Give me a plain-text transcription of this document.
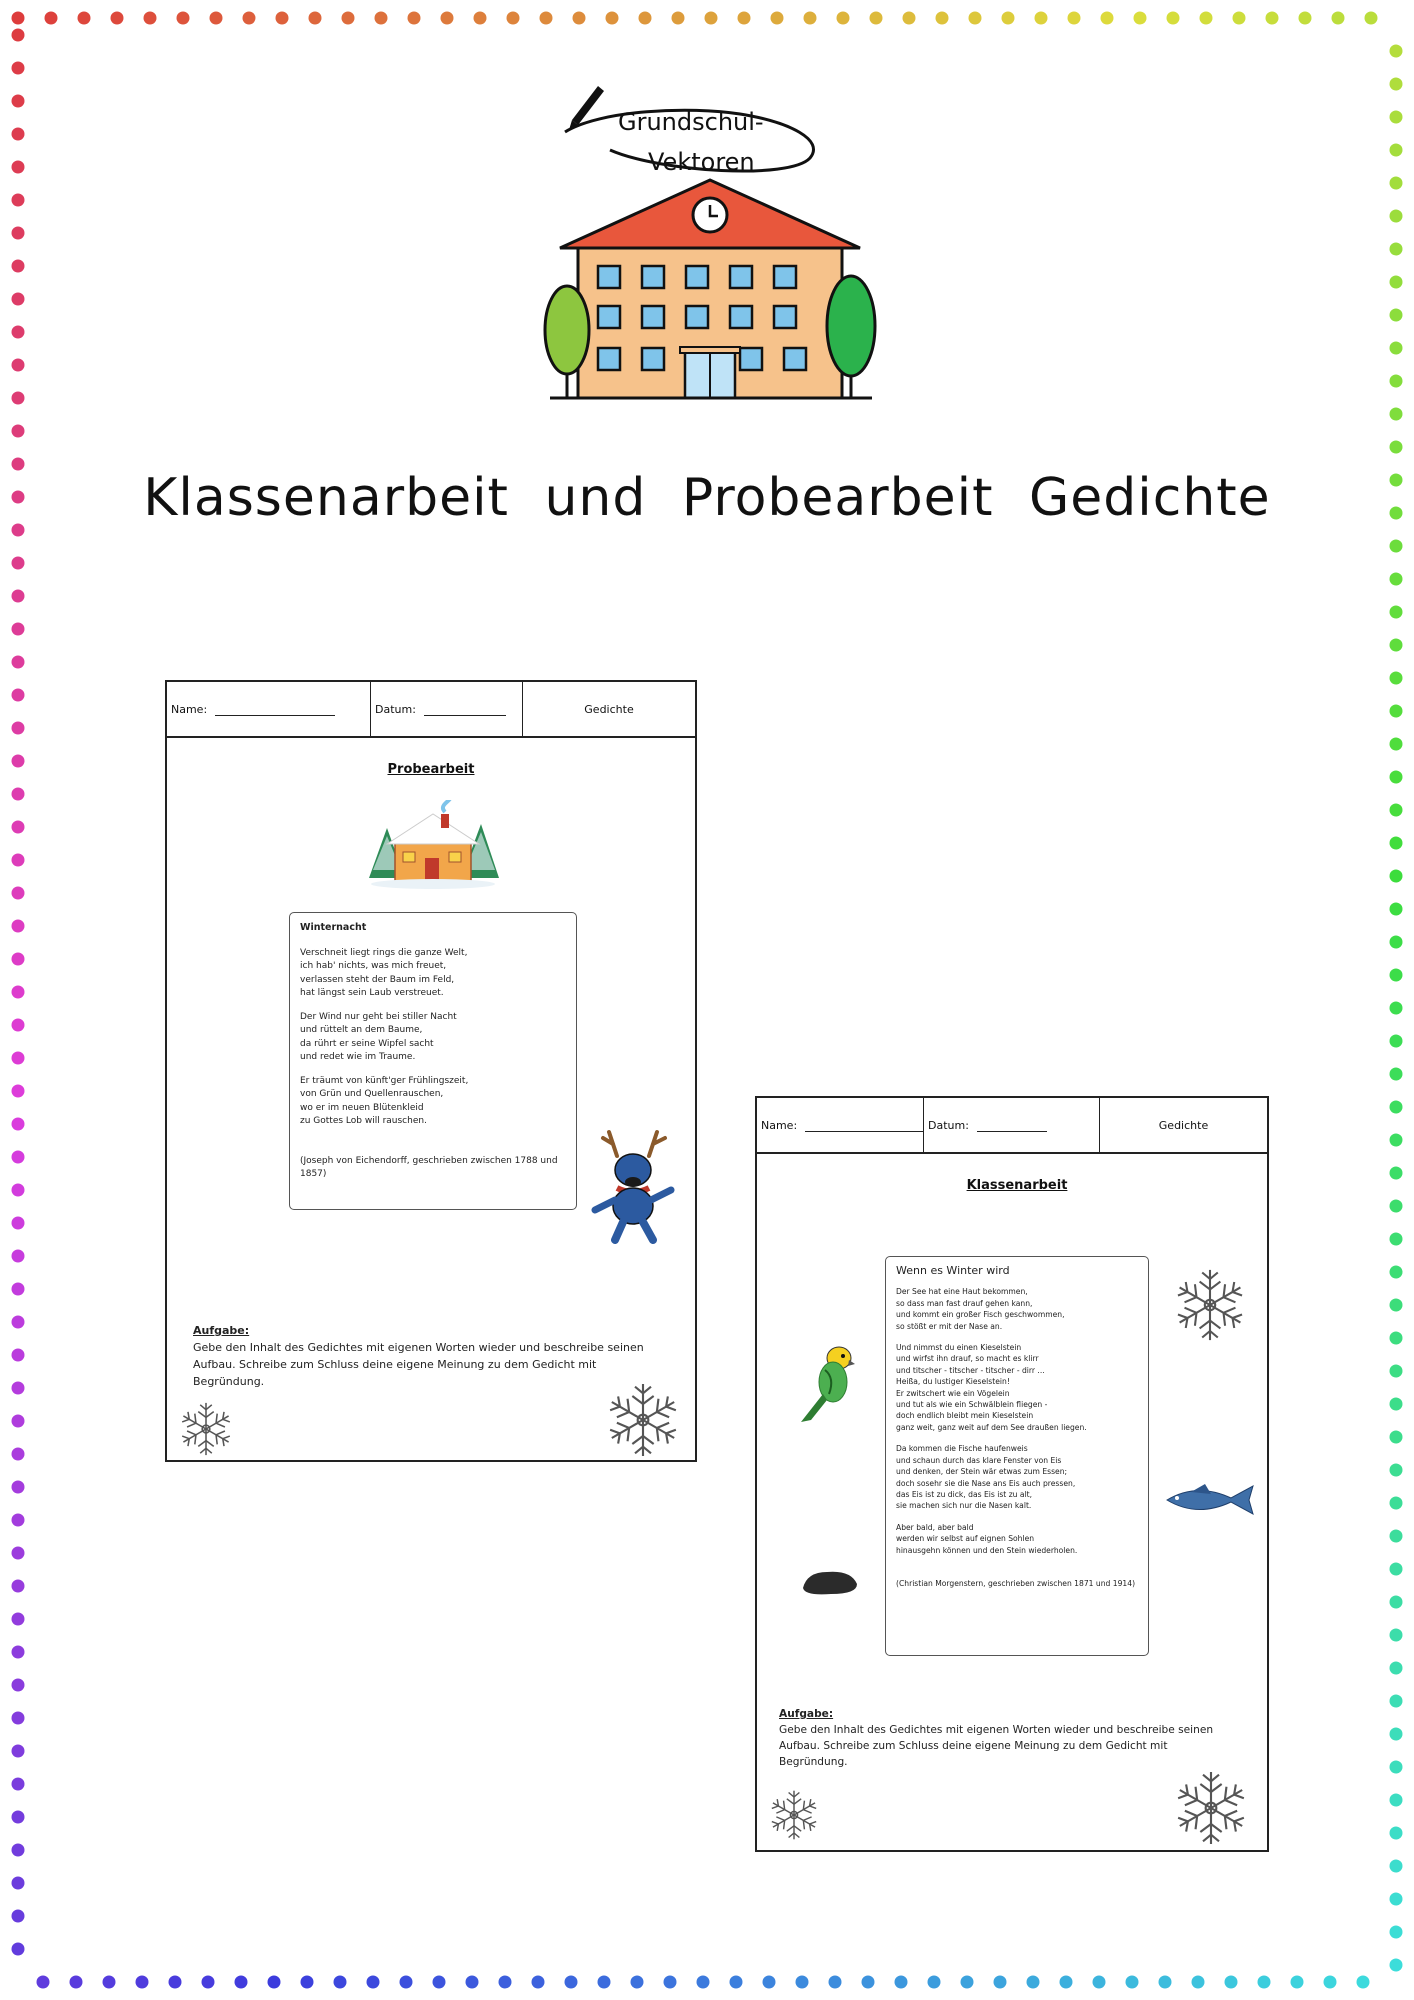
Grundschul-
Vektoren
Klassenarbeit und Probearbeit Gedichte
Name:	Datum:	Gedichte
Probearbeit
Winternacht
Verschneit liegt rings die ganze Welt,
ich hab' nichts, was mich freuet,
verlassen steht der Baum im Feld,
hat längst sein Laub verstreuet.
Der Wind nur geht bei stiller Nacht
und rüttelt an dem Baume,
da rührt er seine Wipfel sacht
und redet wie im Traume.
Er träumt von künft'ger Frühlingszeit,
von Grün und Quellenrauschen,
wo er im neuen Blütenkleid
zu Gottes Lob will rauschen.
(Joseph von Eichendorff, geschrieben zwischen 1788 und 1857)
Aufgabe:
Gebe den Inhalt des Gedichtes mit eigenen Worten wieder und beschreibe seinen Aufbau. Schreibe zum Schluss deine eigene Meinung zu dem Gedicht mit Begründung.
Name:	Datum:	Gedichte
Klassenarbeit
Wenn es Winter wird
Der See hat eine Haut bekommen,
so dass man fast drauf gehen kann,
und kommt ein großer Fisch geschwommen,
so stößt er mit der Nase an.
Und nimmst du einen Kieselstein
und wirfst ihn drauf, so macht es klirr
und titscher - titscher - titscher - dirr ...
Heißa, du lustiger Kieselstein!
Er zwitschert wie ein Vögelein
und tut als wie ein Schwälblein fliegen -
doch endlich bleibt mein Kieselstein
ganz weit, ganz weit auf dem See draußen liegen.
Da kommen die Fische haufenweis
und schaun durch das klare Fenster von Eis
und denken, der Stein wär etwas zum Essen;
doch sosehr sie die Nase ans Eis auch pressen,
das Eis ist zu dick, das Eis ist zu alt,
sie machen sich nur die Nasen kalt.
Aber bald, aber bald
werden wir selbst auf eignen Sohlen
hinausgehn können und den Stein wiederholen.
(Christian Morgenstern, geschrieben zwischen 1871 und 1914)
Aufgabe:
Gebe den Inhalt des Gedichtes mit eigenen Worten wieder und beschreibe seinen Aufbau. Schreibe zum Schluss deine eigene Meinung zu dem Gedicht mit Begründung.
